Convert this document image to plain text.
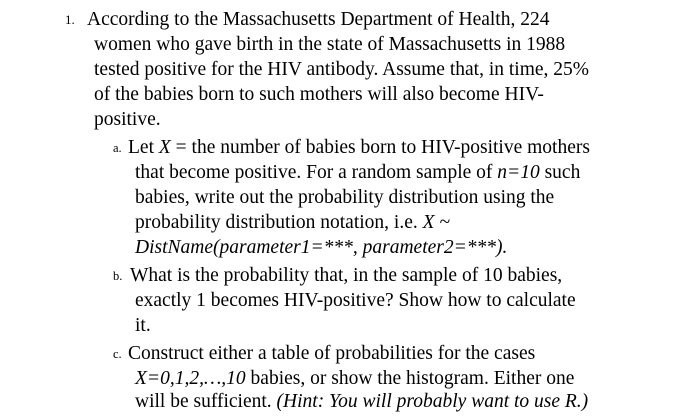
1. According to the Massachusetts Department of Health, 224
women who gave birth in the state of Massachusetts in 1988
tested positive for the HIV antibody. Assume that, in time, 25%
of the babies born to such mothers will also become HIV-
positive.
a. Let X = the number of babies born to HIV-positive mothers
that become positive. For a random sample of n=10 such
babies, write out the probability distribution using the
probability distribution notation, i.e. X ~
DistName(parameter1=***, parameter2=***).
b. What is the probability that, in the sample of 10 babies,
exactly 1 becomes HIV-positive? Show how to calculate
it.
c. Construct either a table of probabilities for the cases
X=0,1,2,…,10 babies, or show the histogram. Either one
will be sufficient. (Hint: You will probably want to use R.)
